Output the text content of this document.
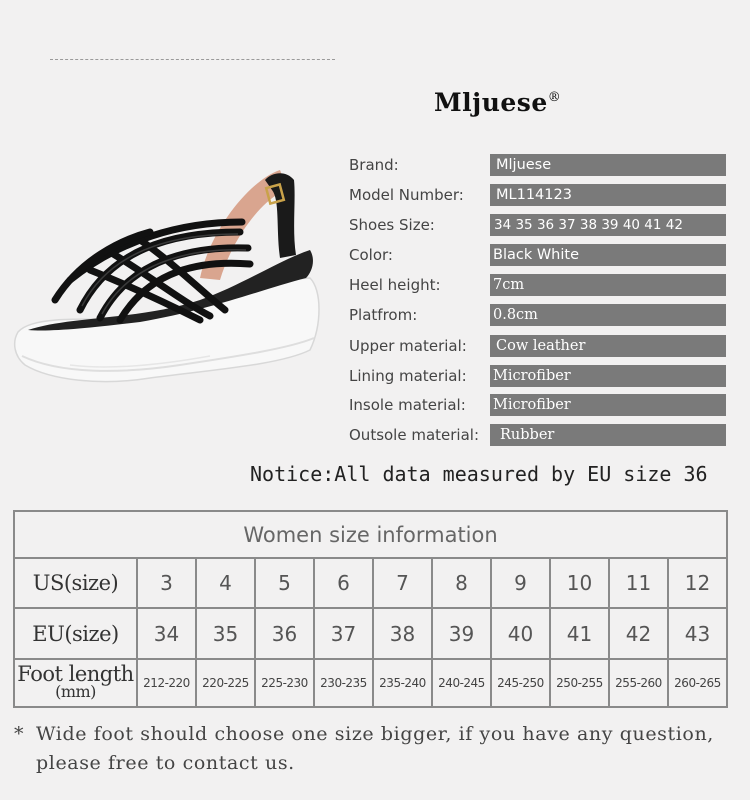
Mljuese®
Brand:	Mljuese
Model Number:	ML114123
Shoes Size:	34 35 36 37 38 39 40 41 42
Color:	Black White
Heel height:	7cm
Platfrom:	0.8cm
Upper material:	Cow leather
Lining material: Microfiber
Insole material: Microfiber
Outsole material:	Rubber
Notice:All data measured by EU size 36
Women size information										
US(size)	3	4	5	6	7	8	9	10	11	12
EU(size)	34	35	36	37	38	39	40	41	42	43

Foot length
(mm)	212-220	220-225	225-230	230-235	235-240	240-245	245-250	250-255	255-260	260-265
* Wide foot should choose one size bigger, if you have any question, please free to contact us.
